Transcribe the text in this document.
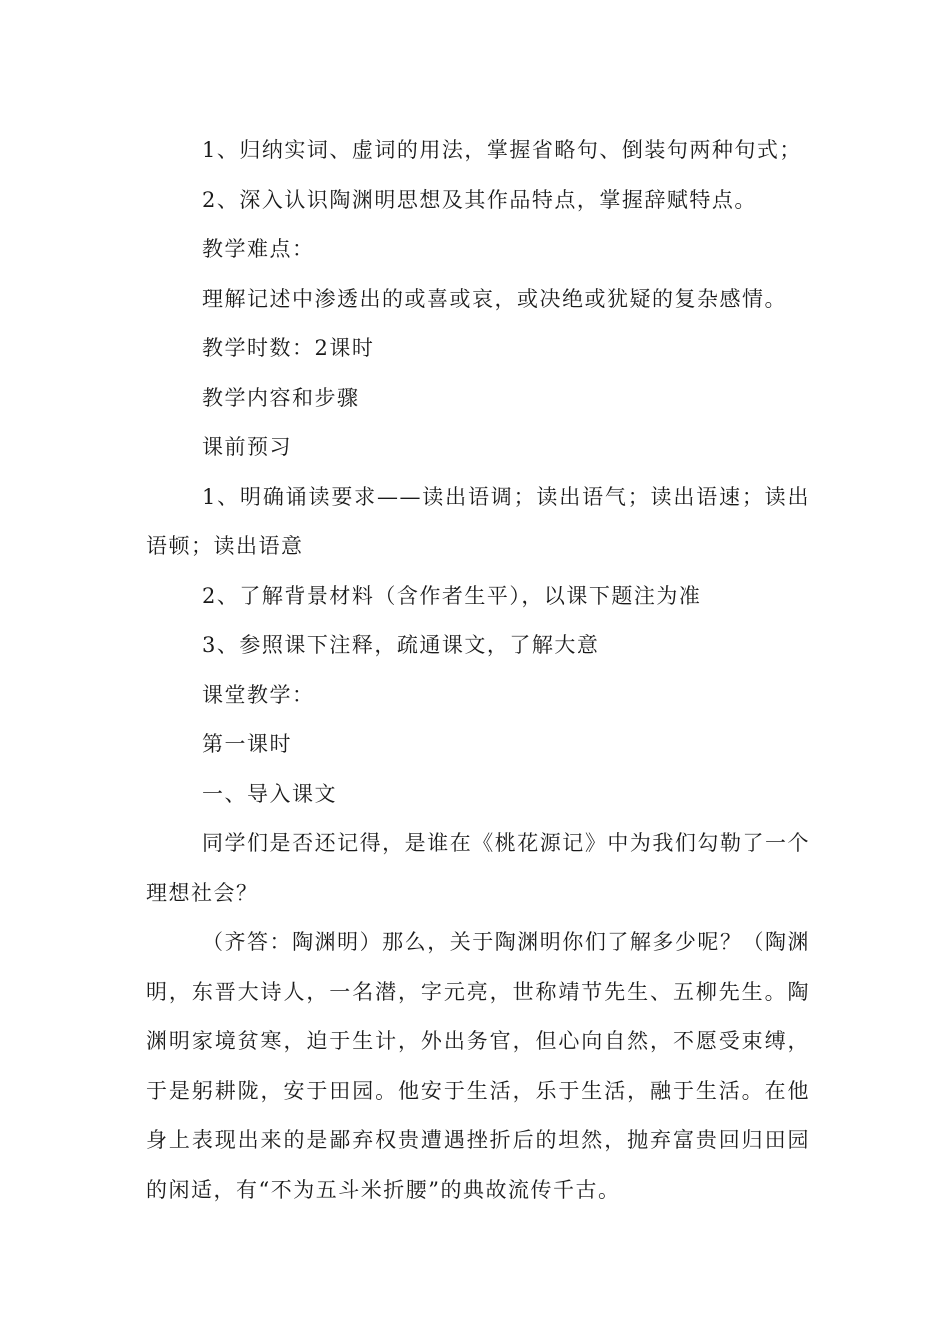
1、归纳实词、虚词的用法，掌握省略句、倒装句两种句式；

2、深入认识陶渊明思想及其作品特点，掌握辞赋特点。

教学难点：

理解记述中渗透出的或喜或哀，或决绝或犹疑的复杂感情。

教学时数：2课时

教学内容和步骤

课前预习

1、明确诵读要求——读出语调；读出语气；读出语速；读出语顿；读出语意

2、了解背景材料（含作者生平），以课下题注为准

3、参照课下注释，疏通课文，了解大意

课堂教学：

第一课时

一、导入课文

同学们是否还记得，是谁在《桃花源记》中为我们勾勒了一个理想社会？

（齐答：陶渊明）那么，关于陶渊明你们了解多少呢？（陶渊明，东晋大诗人，一名潜，字元亮，世称靖节先生、五柳先生。陶渊明家境贫寒，迫于生计，外出务官，但心向自然，不愿受束缚，于是躬耕陇，安于田园。他安于生活，乐于生活，融于生活。在他身上表现出来的是鄙弃权贵遭遇挫折后的坦然，抛弃富贵回归田园的闲适，有“不为五斗米折腰”的典故流传千古。
